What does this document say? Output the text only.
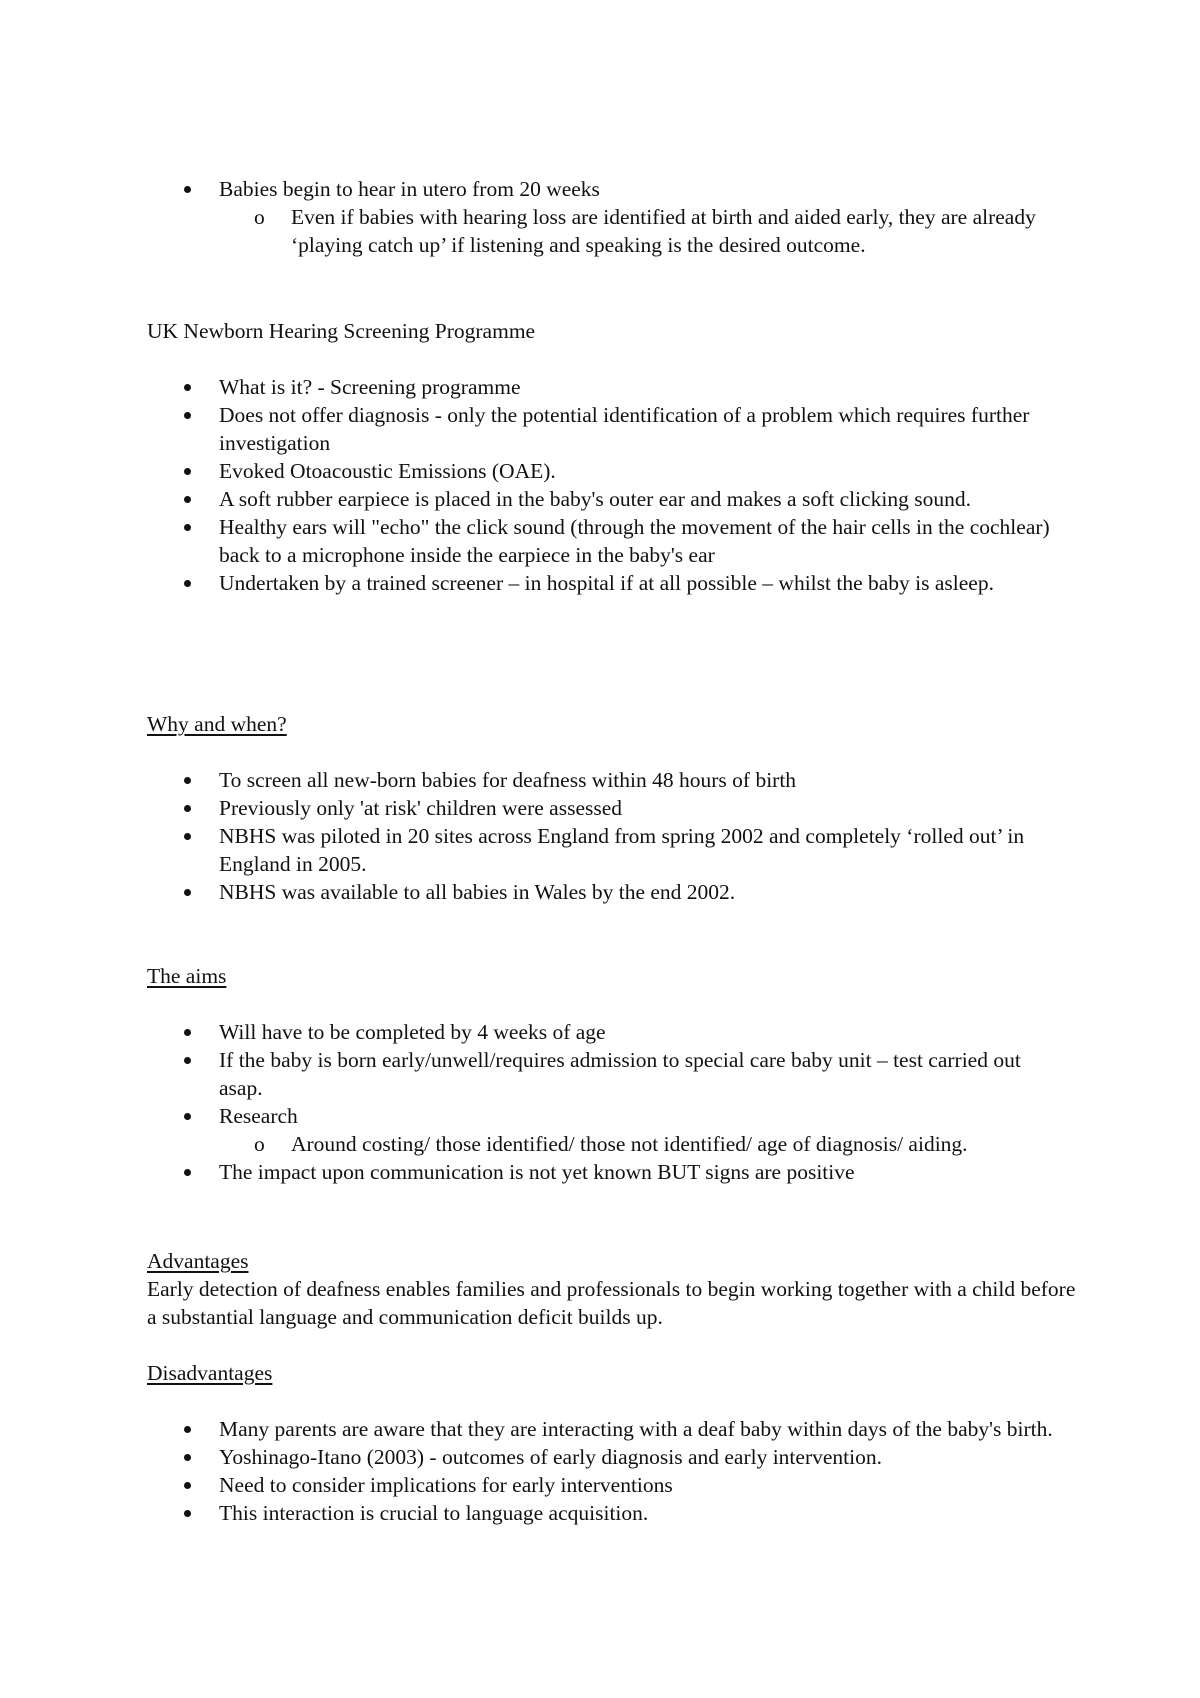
Babies begin to hear in utero from 20 weeks
o Even if babies with hearing loss are identified at birth and aided early, they are already ‘playing catch up’ if listening and speaking is the desired outcome.
UK Newborn Hearing Screening Programme
What is it? - Screening programme
Does not offer diagnosis - only the potential identification of a problem which requires further investigation
Evoked Otoacoustic Emissions (OAE).
A soft rubber earpiece is placed in the baby's outer ear and makes a soft clicking sound.
Healthy ears will "echo" the click sound (through the movement of the hair cells in the cochlear) back to a microphone inside the earpiece in the baby's ear
Undertaken by a trained screener – in hospital if at all possible – whilst the baby is asleep.
Why and when?
To screen all new-born babies for deafness within 48 hours of birth
Previously only 'at risk' children were assessed
NBHS was piloted in 20 sites across England from spring 2002 and completely ‘rolled out’ in England in 2005.
NBHS was available to all babies in Wales by the end 2002.
The aims
Will have to be completed by 4 weeks of age
If the baby is born early/unwell/requires admission to special care baby unit – test carried out asap.
Research
o Around costing/ those identified/ those not identified/ age of diagnosis/ aiding.
The impact upon communication is not yet known BUT signs are positive
Advantages
Early detection of deafness enables families and professionals to begin working together with a child before a substantial language and communication deficit builds up.
Disadvantages
Many parents are aware that they are interacting with a deaf baby within days of the baby's birth.
Yoshinago-Itano (2003) - outcomes of early diagnosis and early intervention.
Need to consider implications for early interventions
This interaction is crucial to language acquisition.
